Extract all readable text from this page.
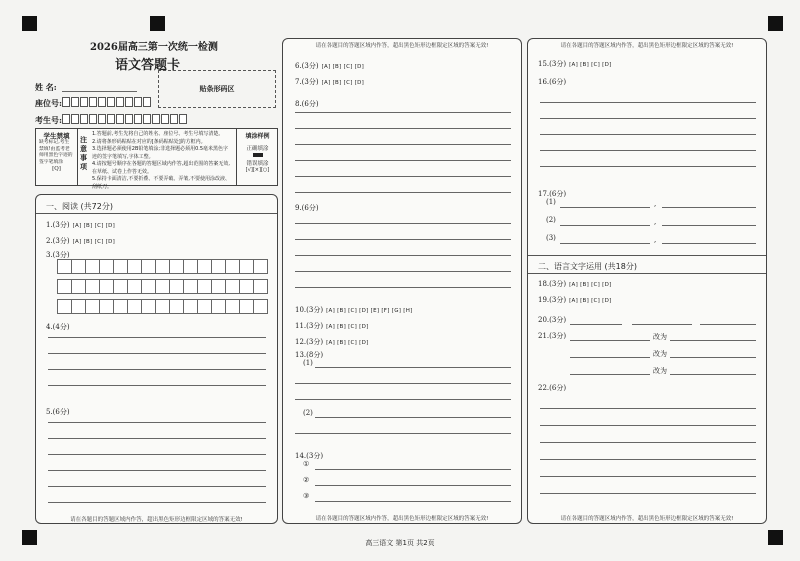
2026届高三第一次统一检测
语文答题卡
姓 名:
座位号:
考生号:
贴条形码区
学生禁填
缺考标记,考生禁填!由监考老师用黑色字迹的签字笔填涂
[Q]
注意事项
1.答题前,考生先将自己的姓名、座位号、考生号填写清楚。
2.请将条形码粘贴在对应的[条码粘贴处]的方框内。
3.选择题必须使用2B铅笔填涂;非选择题必须用0.5毫米黑色字迹的签字笔填写,字体工整。
4.请按题号顺序在各题的答题区域内作答,超出范围的答案无效,在草纸、试卷上作答无效。
5.保持卡面清洁,不要折叠、不要弄破、弄皱,不要使用涂改液、刮纸刀。
填涂样例
正确填涂
错误填涂
[√][×][○]
一、阅读 (共72分)
1.(3分) [A] [B] [C] [D]
2.(3分) [A] [B] [C] [D]
3.(3分)
4.(4分)
5.(6分)
请在各题目的答题区域内作答，超出黑色矩形边框限定区域的答案无效!
请在各题目的答题区域内作答，超出黑色矩形边框限定区域的答案无效!
6.(3分) [A] [B] [C] [D]
7.(3分) [A] [B] [C] [D]
8.(6分)
9.(6分)
10.(3分) [A] [B] [C] [D] [E] [F] [G] [H]
11.(3分) [A] [B] [C] [D]
12.(3分) [A] [B] [C] [D]
13.(8分)
(1)
(2)
14.(3分)
①
②
③
请在各题目的答题区域内作答，超出黑色矩形边框限定区域的答案无效!
请在各题目的答题区域内作答，超出黑色矩形边框限定区域的答案无效!
15.(3分) [A] [B] [C] [D]
16.(6分)
17.(6分)
(1)	,
(2)	,
(3)	,
二、语言文字运用 (共18分)
18.(3分) [A] [B] [C] [D]
19.(3分) [A] [B] [C] [D]
20.(3分)
21.(3分)	改为
改为
改为
22.(6分)
请在各题目的答题区域内作答，超出黑色矩形边框限定区域的答案无效!
高三语文 第1页 共2页
